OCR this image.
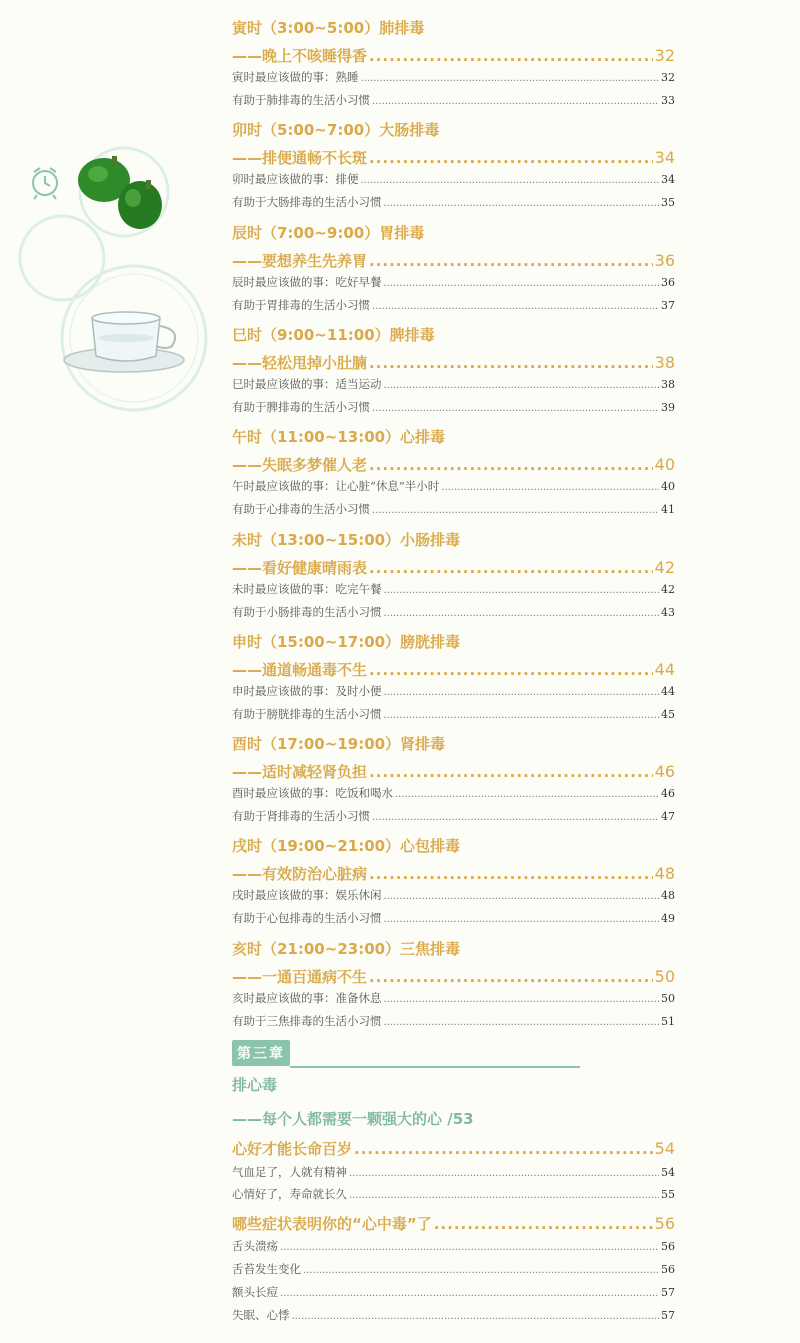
寅时（3:00~5:00）肺排毒
——晚上不咳睡得香 .....	32
寅时最应该做的事：熟睡 .....	32
有助于肺排毒的生活小习惯 .....	33
卯时（5:00~7:00）大肠排毒
——排便通畅不长斑 .....	34
卯时最应该做的事：排便 .....	34
有助于大肠排毒的生活小习惯 .....	35
辰时（7:00~9:00）胃排毒
——要想养生先养胃 .....	36
辰时最应该做的事：吃好早餐 .....	36
有助于胃排毒的生活小习惯 .....	37
巳时（9:00~11:00）脾排毒
——轻松甩掉小肚腩 .....	38
巳时最应该做的事：适当运动 .....	38
有助于脾排毒的生活小习惯 .....	39
午时（11:00~13:00）心排毒
——失眠多梦催人老 .....	40
午时最应该做的事：让心脏“休息”半小时 .....	40
有助于心排毒的生活小习惯 .....	41
未时（13:00~15:00）小肠排毒
——看好健康晴雨表 .....	42
未时最应该做的事：吃完午餐 .....	42
有助于小肠排毒的生活小习惯 .....	43
申时（15:00~17:00）膀胱排毒
——通道畅通毒不生 .....	44
申时最应该做的事：及时小便 .....	44
有助于膀胱排毒的生活小习惯 .....	45
酉时（17:00~19:00）肾排毒
——适时减轻肾负担 .....	46
酉时最应该做的事：吃饭和喝水 .....	46
有助于肾排毒的生活小习惯 .....	47
戌时（19:00~21:00）心包排毒
——有效防治心脏病 .....	48
戌时最应该做的事：娱乐休闲 .....	48
有助于心包排毒的生活小习惯 .....	49
亥时（21:00~23:00）三焦排毒
——一通百通病不生 .....	50
亥时最应该做的事：准备休息 .....	50
有助于三焦排毒的生活小习惯 .....	51
排心毒
——每个人都需要一颗强大的心 /53
心好才能长命百岁 .....	54
气血足了，人就有精神 .....	54
心情好了，寿命就长久 .....	55
哪些症状表明你的“心中毒”了 .....	56
舌头溃疡 .....	56
舌苔发生变化 .....	56
额头长痘 .....	57
失眠、心悸 .....	57
第三章
